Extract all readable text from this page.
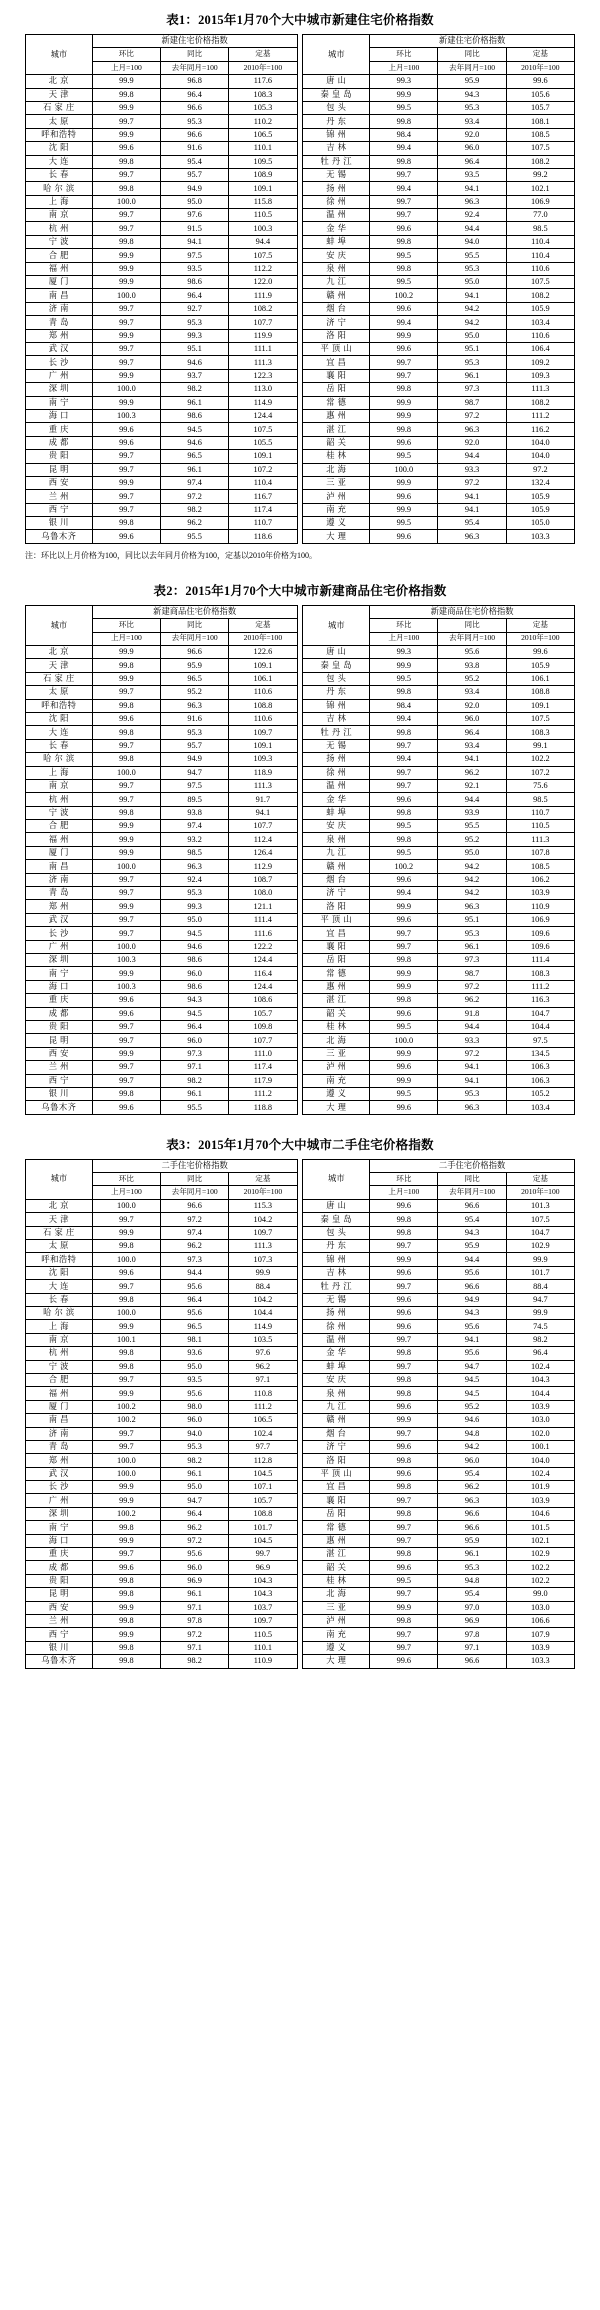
表1：2015年1月70个大中城市新建住宅价格指数
城市	新建住宅价格指数				城市	新建住宅价格指数		
	环比	同比	定基			环比	同比	定基
	上月=100	去年同月=100	2010年=100			上月=100	去年同月=100	2010年=100
北 京	99.9	96.8	117.6		唐 山	99.3	95.9	99.6
天 津	99.8	96.4	108.3		秦 皇 岛	99.9	94.3	105.6
石 家 庄	99.9	96.6	105.3		包 头	99.5	95.3	105.7
太 原	99.7	95.3	110.2		丹 东	99.8	93.4	108.1
呼和浩特	99.9	96.6	106.5		锦 州	98.4	92.0	108.5
沈 阳	99.6	91.6	110.1		吉 林	99.4	96.0	107.5
大 连	99.8	95.4	109.5		牡 丹 江	99.8	96.4	108.2
长 春	99.7	95.7	108.9		无 锡	99.7	93.5	99.2
哈 尔 滨	99.8	94.9	109.1		扬 州	99.4	94.1	102.1
上 海	100.0	95.0	115.8		徐 州	99.7	96.3	106.9
南 京	99.7	97.6	110.5		温 州	99.7	92.4	77.0
杭 州	99.7	91.5	100.3		金 华	99.6	94.4	98.5
宁 波	99.8	94.1	94.4		蚌 埠	99.8	94.0	110.4
合 肥	99.9	97.5	107.5		安 庆	99.5	95.5	110.4
福 州	99.9	93.5	112.2		泉 州	99.8	95.3	110.6
厦 门	99.9	98.6	122.0		九 江	99.5	95.0	107.5
南 昌	100.0	96.4	111.9		赣 州	100.2	94.1	108.2
济 南	99.7	92.7	108.2		烟 台	99.6	94.2	105.9
青 岛	99.7	95.3	107.7		济 宁	99.4	94.2	103.4
郑 州	99.9	99.3	119.9		洛 阳	99.9	95.0	110.6
武 汉	99.7	95.1	111.1		平 顶 山	99.6	95.1	106.4
长 沙	99.7	94.6	111.3		宜 昌	99.7	95.3	109.2
广 州	99.9	93.7	122.3		襄 阳	99.7	96.1	109.3
深 圳	100.0	98.2	113.0		岳 阳	99.8	97.3	111.3
南 宁	99.9	96.1	114.9		常 德	99.9	98.7	108.2
海 口	100.3	98.6	124.4		惠 州	99.9	97.2	111.2
重 庆	99.6	94.5	107.5		湛 江	99.8	96.3	116.2
成 都	99.6	94.6	105.5		韶 关	99.6	92.0	104.0
贵 阳	99.7	96.5	109.1		桂 林	99.5	94.4	104.0
昆 明	99.7	96.1	107.2		北 海	100.0	93.3	97.2
西 安	99.9	97.4	110.4		三 亚	99.9	97.2	132.4
兰 州	99.7	97.2	116.7		泸 州	99.6	94.1	105.9
西 宁	99.7	98.2	117.4		南 充	99.9	94.1	105.9
银 川	99.8	96.2	110.7		遵 义	99.5	95.4	105.0
乌鲁木齐	99.6	95.5	118.6		大 理	99.6	96.3	103.3
注：环比以上月价格为100，同比以去年同月价格为100，定基以2010年价格为100。
表2：2015年1月70个大中城市新建商品住宅价格指数
城市	新建商品住宅价格指数				城市	新建商品住宅价格指数		
	环比	同比	定基			环比	同比	定基
	上月=100	去年同月=100	2010年=100			上月=100	去年同月=100	2010年=100
北 京	99.9	96.6	122.6		唐 山	99.3	95.6	99.6
天 津	99.8	95.9	109.1		秦 皇 岛	99.9	93.8	105.9
石 家 庄	99.9	96.5	106.1		包 头	99.5	95.2	106.1
太 原	99.7	95.2	110.6		丹 东	99.8	93.4	108.8
呼和浩特	99.8	96.3	108.8		锦 州	98.4	92.0	109.1
沈 阳	99.6	91.6	110.6		吉 林	99.4	96.0	107.5
大 连	99.8	95.3	109.7		牡 丹 江	99.8	96.4	108.3
长 春	99.7	95.7	109.1		无 锡	99.7	93.4	99.1
哈 尔 滨	99.8	94.9	109.3		扬 州	99.4	94.1	102.2
上 海	100.0	94.7	118.9		徐 州	99.7	96.2	107.2
南 京	99.7	97.5	111.3		温 州	99.7	92.1	75.6
杭 州	99.7	89.5	91.7		金 华	99.6	94.4	98.5
宁 波	99.8	93.8	94.1		蚌 埠	99.8	93.9	110.7
合 肥	99.9	97.4	107.7		安 庆	99.5	95.5	110.5
福 州	99.9	93.2	112.4		泉 州	99.8	95.2	111.3
厦 门	99.9	98.5	126.4		九 江	99.5	95.0	107.8
南 昌	100.0	96.3	112.9		赣 州	100.2	94.2	108.5
济 南	99.7	92.4	108.7		烟 台	99.6	94.2	106.2
青 岛	99.7	95.3	108.0		济 宁	99.4	94.2	103.9
郑 州	99.9	99.3	121.1		洛 阳	99.9	96.3	110.9
武 汉	99.7	95.0	111.4		平 顶 山	99.6	95.1	106.9
长 沙	99.7	94.5	111.6		宜 昌	99.7	95.3	109.6
广 州	100.0	94.6	122.2		襄 阳	99.7	96.1	109.6
深 圳	100.3	98.6	124.4		岳 阳	99.8	97.3	111.4
南 宁	99.9	96.0	116.4		常 德	99.9	98.7	108.3
海 口	100.3	98.6	124.4		惠 州	99.9	97.2	111.2
重 庆	99.6	94.3	108.6		湛 江	99.8	96.2	116.3
成 都	99.6	94.5	105.7		韶 关	99.6	91.8	104.7
贵 阳	99.7	96.4	109.8		桂 林	99.5	94.4	104.4
昆 明	99.7	96.0	107.7		北 海	100.0	93.3	97.5
西 安	99.9	97.3	111.0		三 亚	99.9	97.2	134.5
兰 州	99.7	97.1	117.4		泸 州	99.6	94.1	106.3
西 宁	99.7	98.2	117.9		南 充	99.9	94.1	106.3
银 川	99.8	96.1	111.2		遵 义	99.5	95.3	105.2
乌鲁木齐	99.6	95.5	118.8		大 理	99.6	96.3	103.4
表3：2015年1月70个大中城市二手住宅价格指数
城市	二手住宅价格指数				城市	二手住宅价格指数		
	环比	同比	定基			环比	同比	定基
	上月=100	去年同月=100	2010年=100			上月=100	去年同月=100	2010年=100
北 京	100.0	96.6	115.3		唐 山	99.6	96.6	101.3
天 津	99.7	97.2	104.2		秦 皇 岛	99.8	95.4	107.5
石 家 庄	99.9	97.4	109.7		包 头	99.8	94.3	104.7
太 原	99.8	96.2	111.3		丹 东	99.7	95.9	102.9
呼和浩特	100.0	97.3	107.3		锦 州	99.9	94.4	99.9
沈 阳	99.6	94.4	99.9		吉 林	99.6	95.6	101.7
大 连	99.7	95.6	88.4		牡 丹 江	99.7	96.6	88.4
长 春	99.8	96.4	104.2		无 锡	99.6	94.9	94.7
哈 尔 滨	100.0	95.6	104.4		扬 州	99.6	94.3	99.9
上 海	99.9	96.5	114.9		徐 州	99.6	95.6	74.5
南 京	100.1	98.1	103.5		温 州	99.7	94.1	98.2
杭 州	99.8	93.6	97.6		金 华	99.8	95.6	96.4
宁 波	99.8	95.0	96.2		蚌 埠	99.7	94.7	102.4
合 肥	99.7	93.5	97.1		安 庆	99.8	94.5	104.3
福 州	99.9	95.6	110.8		泉 州	99.8	94.5	104.4
厦 门	100.2	98.0	111.2		九 江	99.6	95.2	103.9
南 昌	100.2	96.0	106.5		赣 州	99.9	94.6	103.0
济 南	99.7	94.0	102.4		烟 台	99.7	94.8	102.0
青 岛	99.7	95.3	97.7		济 宁	99.6	94.2	100.1
郑 州	100.0	98.2	112.8		洛 阳	99.8	96.0	104.0
武 汉	100.0	96.1	104.5		平 顶 山	99.6	95.4	102.4
长 沙	99.9	95.0	107.1		宜 昌	99.8	96.2	101.9
广 州	99.9	94.7	105.7		襄 阳	99.7	96.3	103.9
深 圳	100.2	96.4	108.8		岳 阳	99.8	96.6	104.6
南 宁	99.8	96.2	101.7		常 德	99.7	96.6	101.5
海 口	99.9	97.2	104.5		惠 州	99.7	95.9	102.1
重 庆	99.7	95.6	99.7		湛 江	99.8	96.1	102.9
成 都	99.6	96.0	96.9		韶 关	99.6	95.3	102.2
贵 阳	99.8	96.9	104.3		桂 林	99.5	94.8	102.2
昆 明	99.8	96.1	104.3		北 海	99.7	95.4	99.0
西 安	99.9	97.1	103.7		三 亚	99.9	97.0	103.0
兰 州	99.8	97.8	109.7		泸 州	99.8	96.9	106.6
西 宁	99.9	97.2	110.5		南 充	99.7	97.8	107.9
银 川	99.8	97.1	110.1		遵 义	99.7	97.1	103.9
乌鲁木齐	99.8	98.2	110.9		大 理	99.6	96.6	103.3
